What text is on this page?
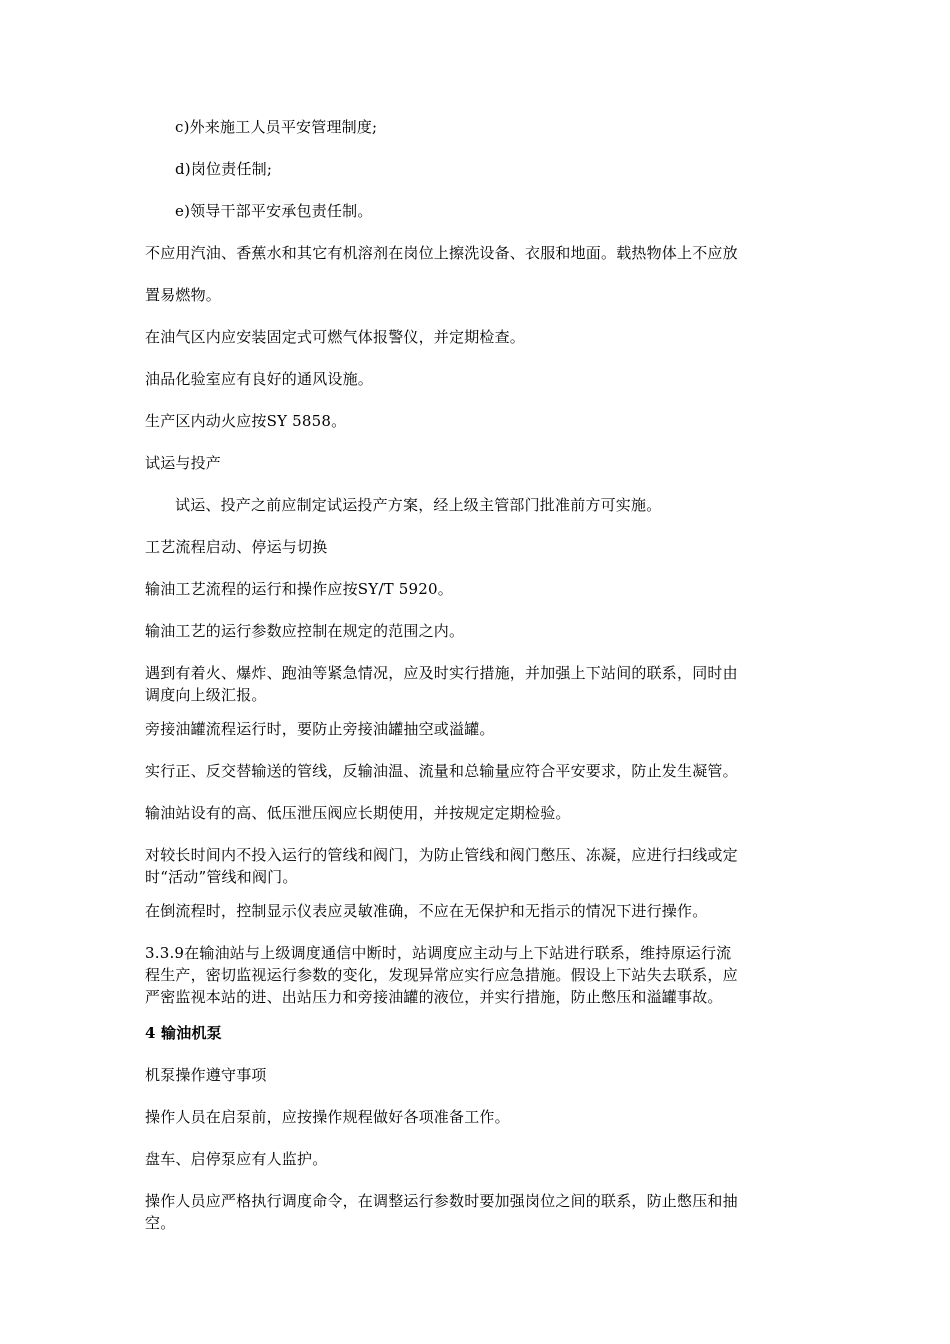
c)外来施工人员平安管理制度;
d)岗位责任制;
e)领导干部平安承包责任制。
不应用汽油、香蕉水和其它有机溶剂在岗位上擦洗设备、衣服和地面。载热物体上不应放
置易燃物。
在油气区内应安装固定式可燃气体报警仪，并定期检查。
油品化验室应有良好的通风设施。
生产区内动火应按SY 5858。
试运与投产
试运、投产之前应制定试运投产方案，经上级主管部门批准前方可实施。
工艺流程启动、停运与切换
输油工艺流程的运行和操作应按SY/T 5920。
输油工艺的运行参数应控制在规定的范围之内。
遇到有着火、爆炸、跑油等紧急情况，应及时实行措施，并加强上下站间的联系，同时由
调度向上级汇报。
旁接油罐流程运行时，要防止旁接油罐抽空或溢罐。
实行正、反交替输送的管线，反输油温、流量和总输量应符合平安要求，防止发生凝管。
输油站设有的高、低压泄压阀应长期使用，并按规定定期检验。
对较长时间内不投入运行的管线和阀门，为防止管线和阀门憋压、冻凝，应进行扫线或定
时“活动”管线和阀门。
在倒流程时，控制显示仪表应灵敏准确，不应在无保护和无指示的情况下进行操作。
3.3.9在输油站与上级调度通信中断时，站调度应主动与上下站进行联系，维持原运行流
程生产，密切监视运行参数的变化，发现异常应实行应急措施。假设上下站失去联系，应
严密监视本站的进、出站压力和旁接油罐的液位，并实行措施，防止憋压和溢罐事故。
4 输油机泵
机泵操作遵守事项
操作人员在启泵前，应按操作规程做好各项准备工作。
盘车、启停泵应有人监护。
操作人员应严格执行调度命令，在调整运行参数时要加强岗位之间的联系，防止憋压和抽
空。
